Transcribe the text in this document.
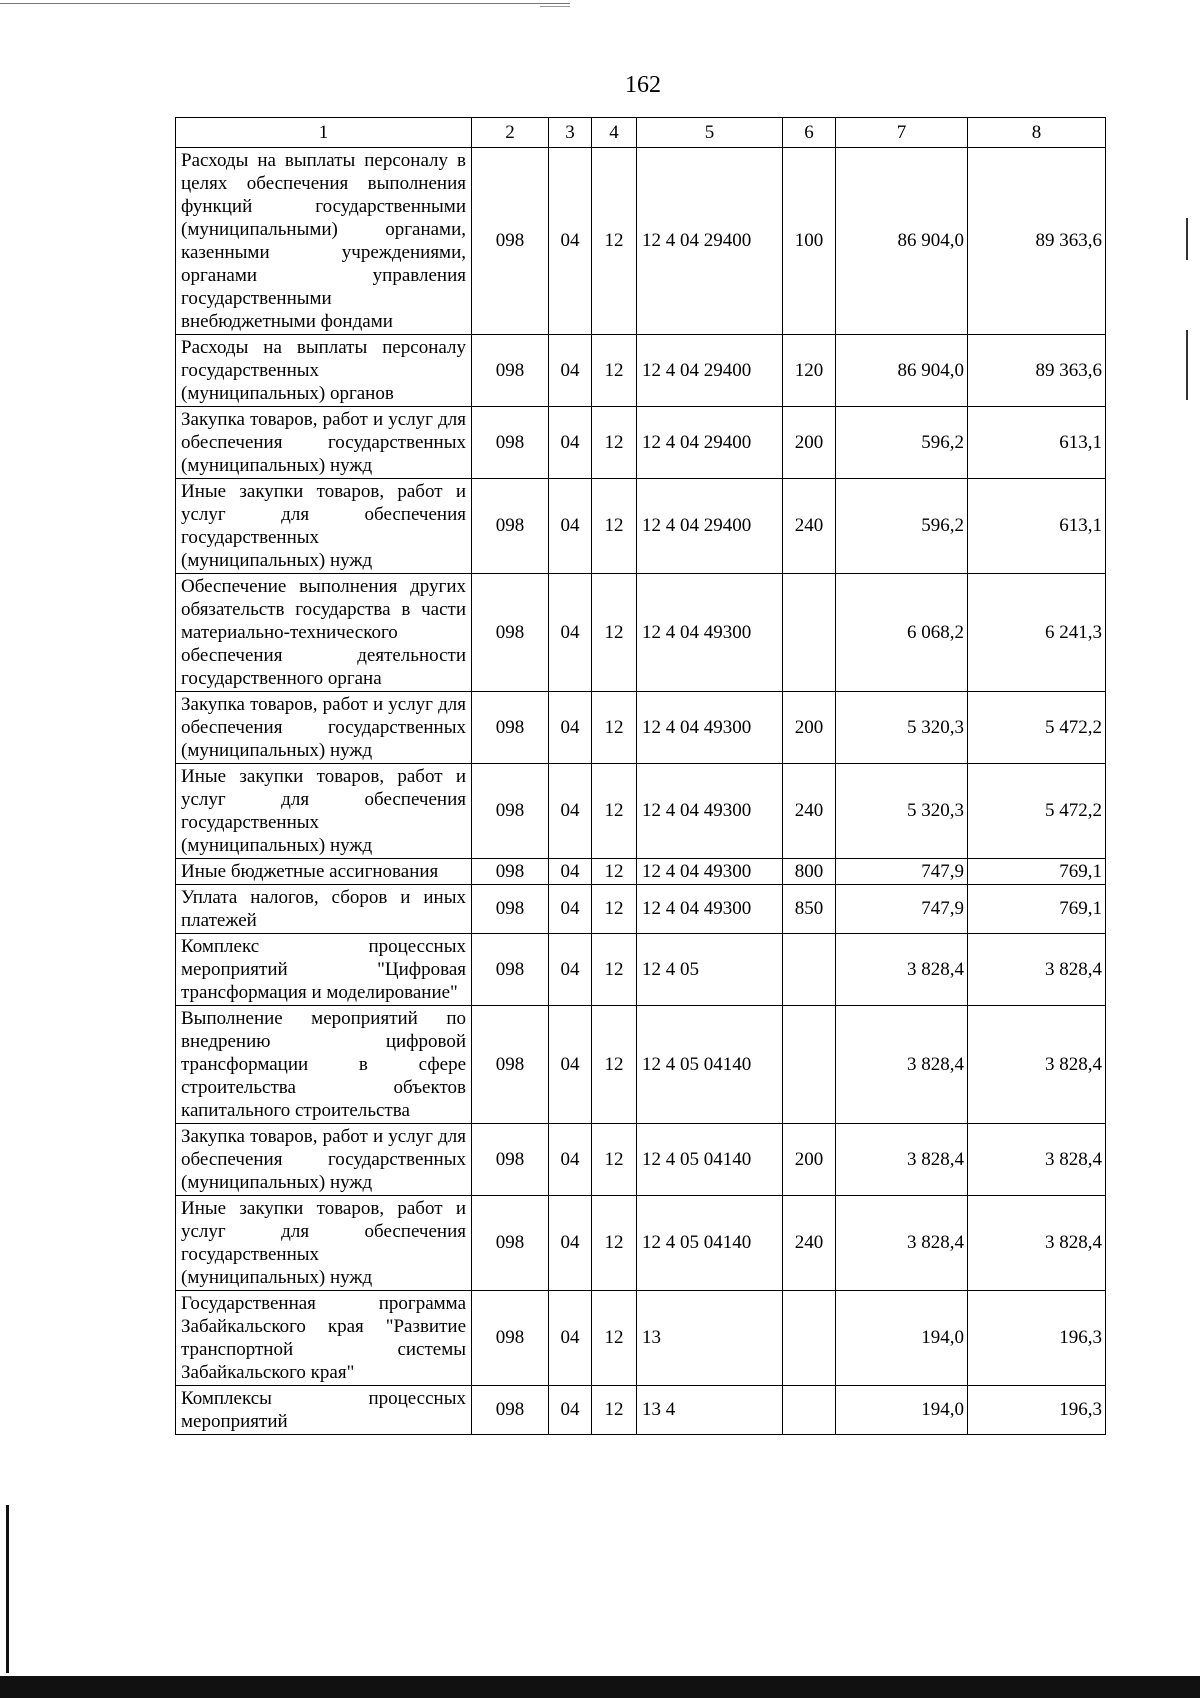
162
1	2	3	4	5	6	7	8
Расходы на выплаты персоналу в целях обеспечения выполнения функций государственными (муниципальными) органами, казенными учреждениями, органами управления государственными внебюджетными фондами	098	04	12	12 4 04 29400	100	86 904,0	89 363,6
Расходы на выплаты персоналу государственных (муниципальных) органов	098	04	12	12 4 04 29400	120	86 904,0	89 363,6
Закупка товаров, работ и услуг для обеспечения государственных (муниципальных) нужд	098	04	12	12 4 04 29400	200	596,2	613,1
Иные закупки товаров, работ и услуг для обеспечения государственных (муниципальных) нужд	098	04	12	12 4 04 29400	240	596,2	613,1
Обеспечение выполнения других обязательств государства в части материально-технического обеспечения деятельности государственного органа	098	04	12	12 4 04 49300		6 068,2	6 241,3
Закупка товаров, работ и услуг для обеспечения государственных (муниципальных) нужд	098	04	12	12 4 04 49300	200	5 320,3	5 472,2
Иные закупки товаров, работ и услуг для обеспечения государственных (муниципальных) нужд	098	04	12	12 4 04 49300	240	5 320,3	5 472,2
Иные бюджетные ассигнования	098	04	12	12 4 04 49300	800	747,9	769,1
Уплата налогов, сборов и иных платежей	098	04	12	12 4 04 49300	850	747,9	769,1
Комплекс процессных мероприятий "Цифровая трансформация и моделирование"	098	04	12	12 4 05		3 828,4	3 828,4
Выполнение мероприятий по внедрению цифровой трансформации в сфере строительства объектов капитального строительства	098	04	12	12 4 05 04140		3 828,4	3 828,4
Закупка товаров, работ и услуг для обеспечения государственных (муниципальных) нужд	098	04	12	12 4 05 04140	200	3 828,4	3 828,4
Иные закупки товаров, работ и услуг для обеспечения государственных (муниципальных) нужд	098	04	12	12 4 05 04140	240	3 828,4	3 828,4
Государственная программа Забайкальского края "Развитие транспортной системы Забайкальского края"	098	04	12	13		194,0	196,3
Комплексы процессных мероприятий	098	04	12	13 4		194,0	196,3
